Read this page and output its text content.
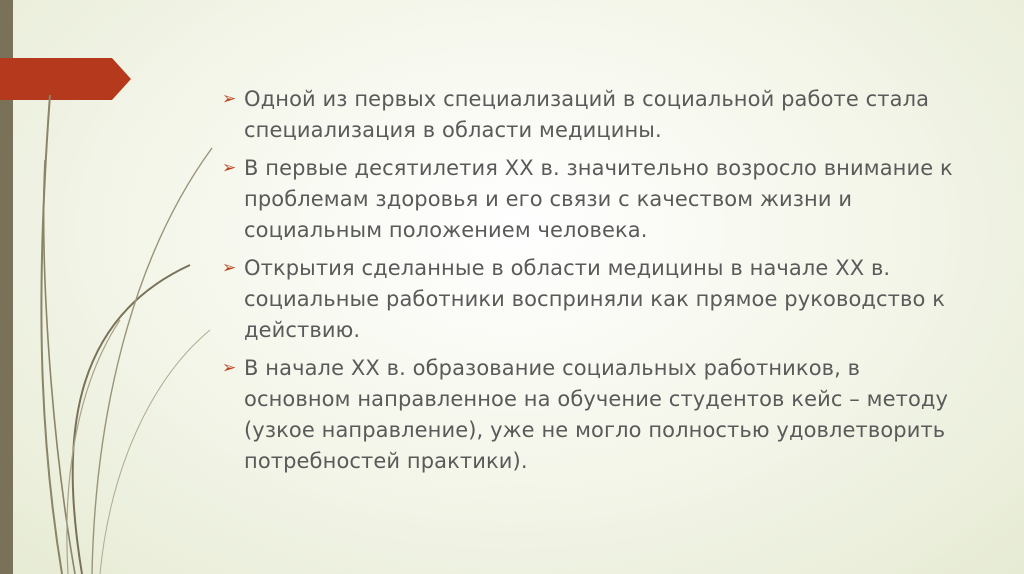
➢ Одной из первых специализаций в социальной работе стала специализация в области медицины.
➢ В первые десятилетия XX в. значительно возросло внимание к проблемам здоровья и его связи с качеством жизни и социальным положением человека.
➢ Открытия сделанные в области медицины в начале XX в. социальные работники восприняли как прямое руководство к действию.
➢ В начале XX в. образование социальных работников, в основном направленное на обучение студентов кейс – методу (узкое направление), уже не могло полностью удовлетворить потребностей практики).
